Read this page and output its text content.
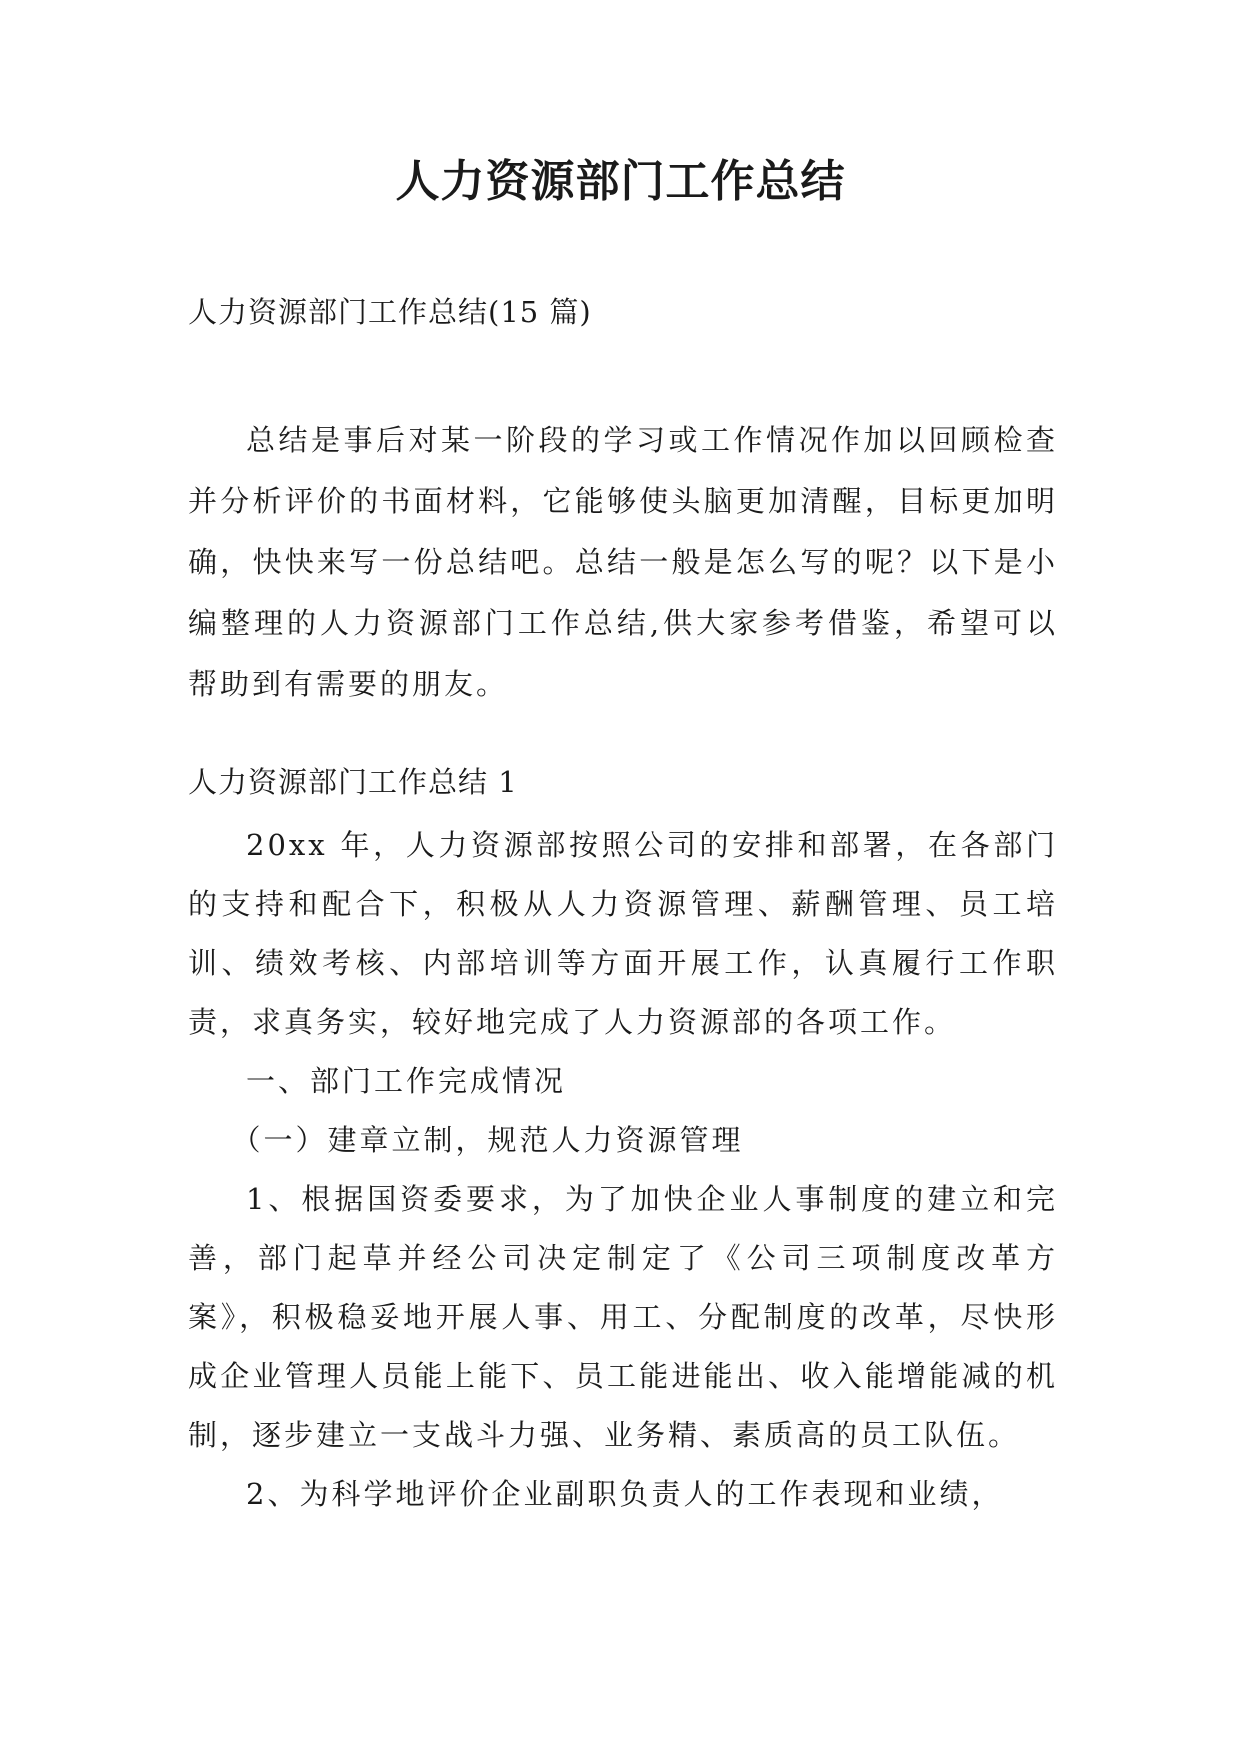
人力资源部门工作总结
人力资源部门工作总结(15 篇)
总结是事后对某一阶段的学习或工作情况作加以回顾检查并分析评价的书面材料，它能够使头脑更加清醒，目标更加明确，快快来写一份总结吧。总结一般是怎么写的呢？以下是小编整理的人力资源部门工作总结,供大家参考借鉴，希望可以帮助到有需要的朋友。
人力资源部门工作总结 1

20xx 年，人力资源部按照公司的安排和部署，在各部门的支持和配合下，积极从人力资源管理、薪酬管理、员工培训、绩效考核、内部培训等方面开展工作，认真履行工作职责，求真务实，较好地完成了人力资源部的各项工作。

一、部门工作完成情况

（一）建章立制，规范人力资源管理

1、根据国资委要求，为了加快企业人事制度的建立和完善，部门起草并经公司决定制定了《公司三项制度改革方案》，积极稳妥地开展人事、用工、分配制度的改革，尽快形成企业管理人员能上能下、员工能进能出、收入能增能减的机制，逐步建立一支战斗力强、业务精、素质高的员工队伍。

2、为科学地评价企业副职负责人的工作表现和业绩，
